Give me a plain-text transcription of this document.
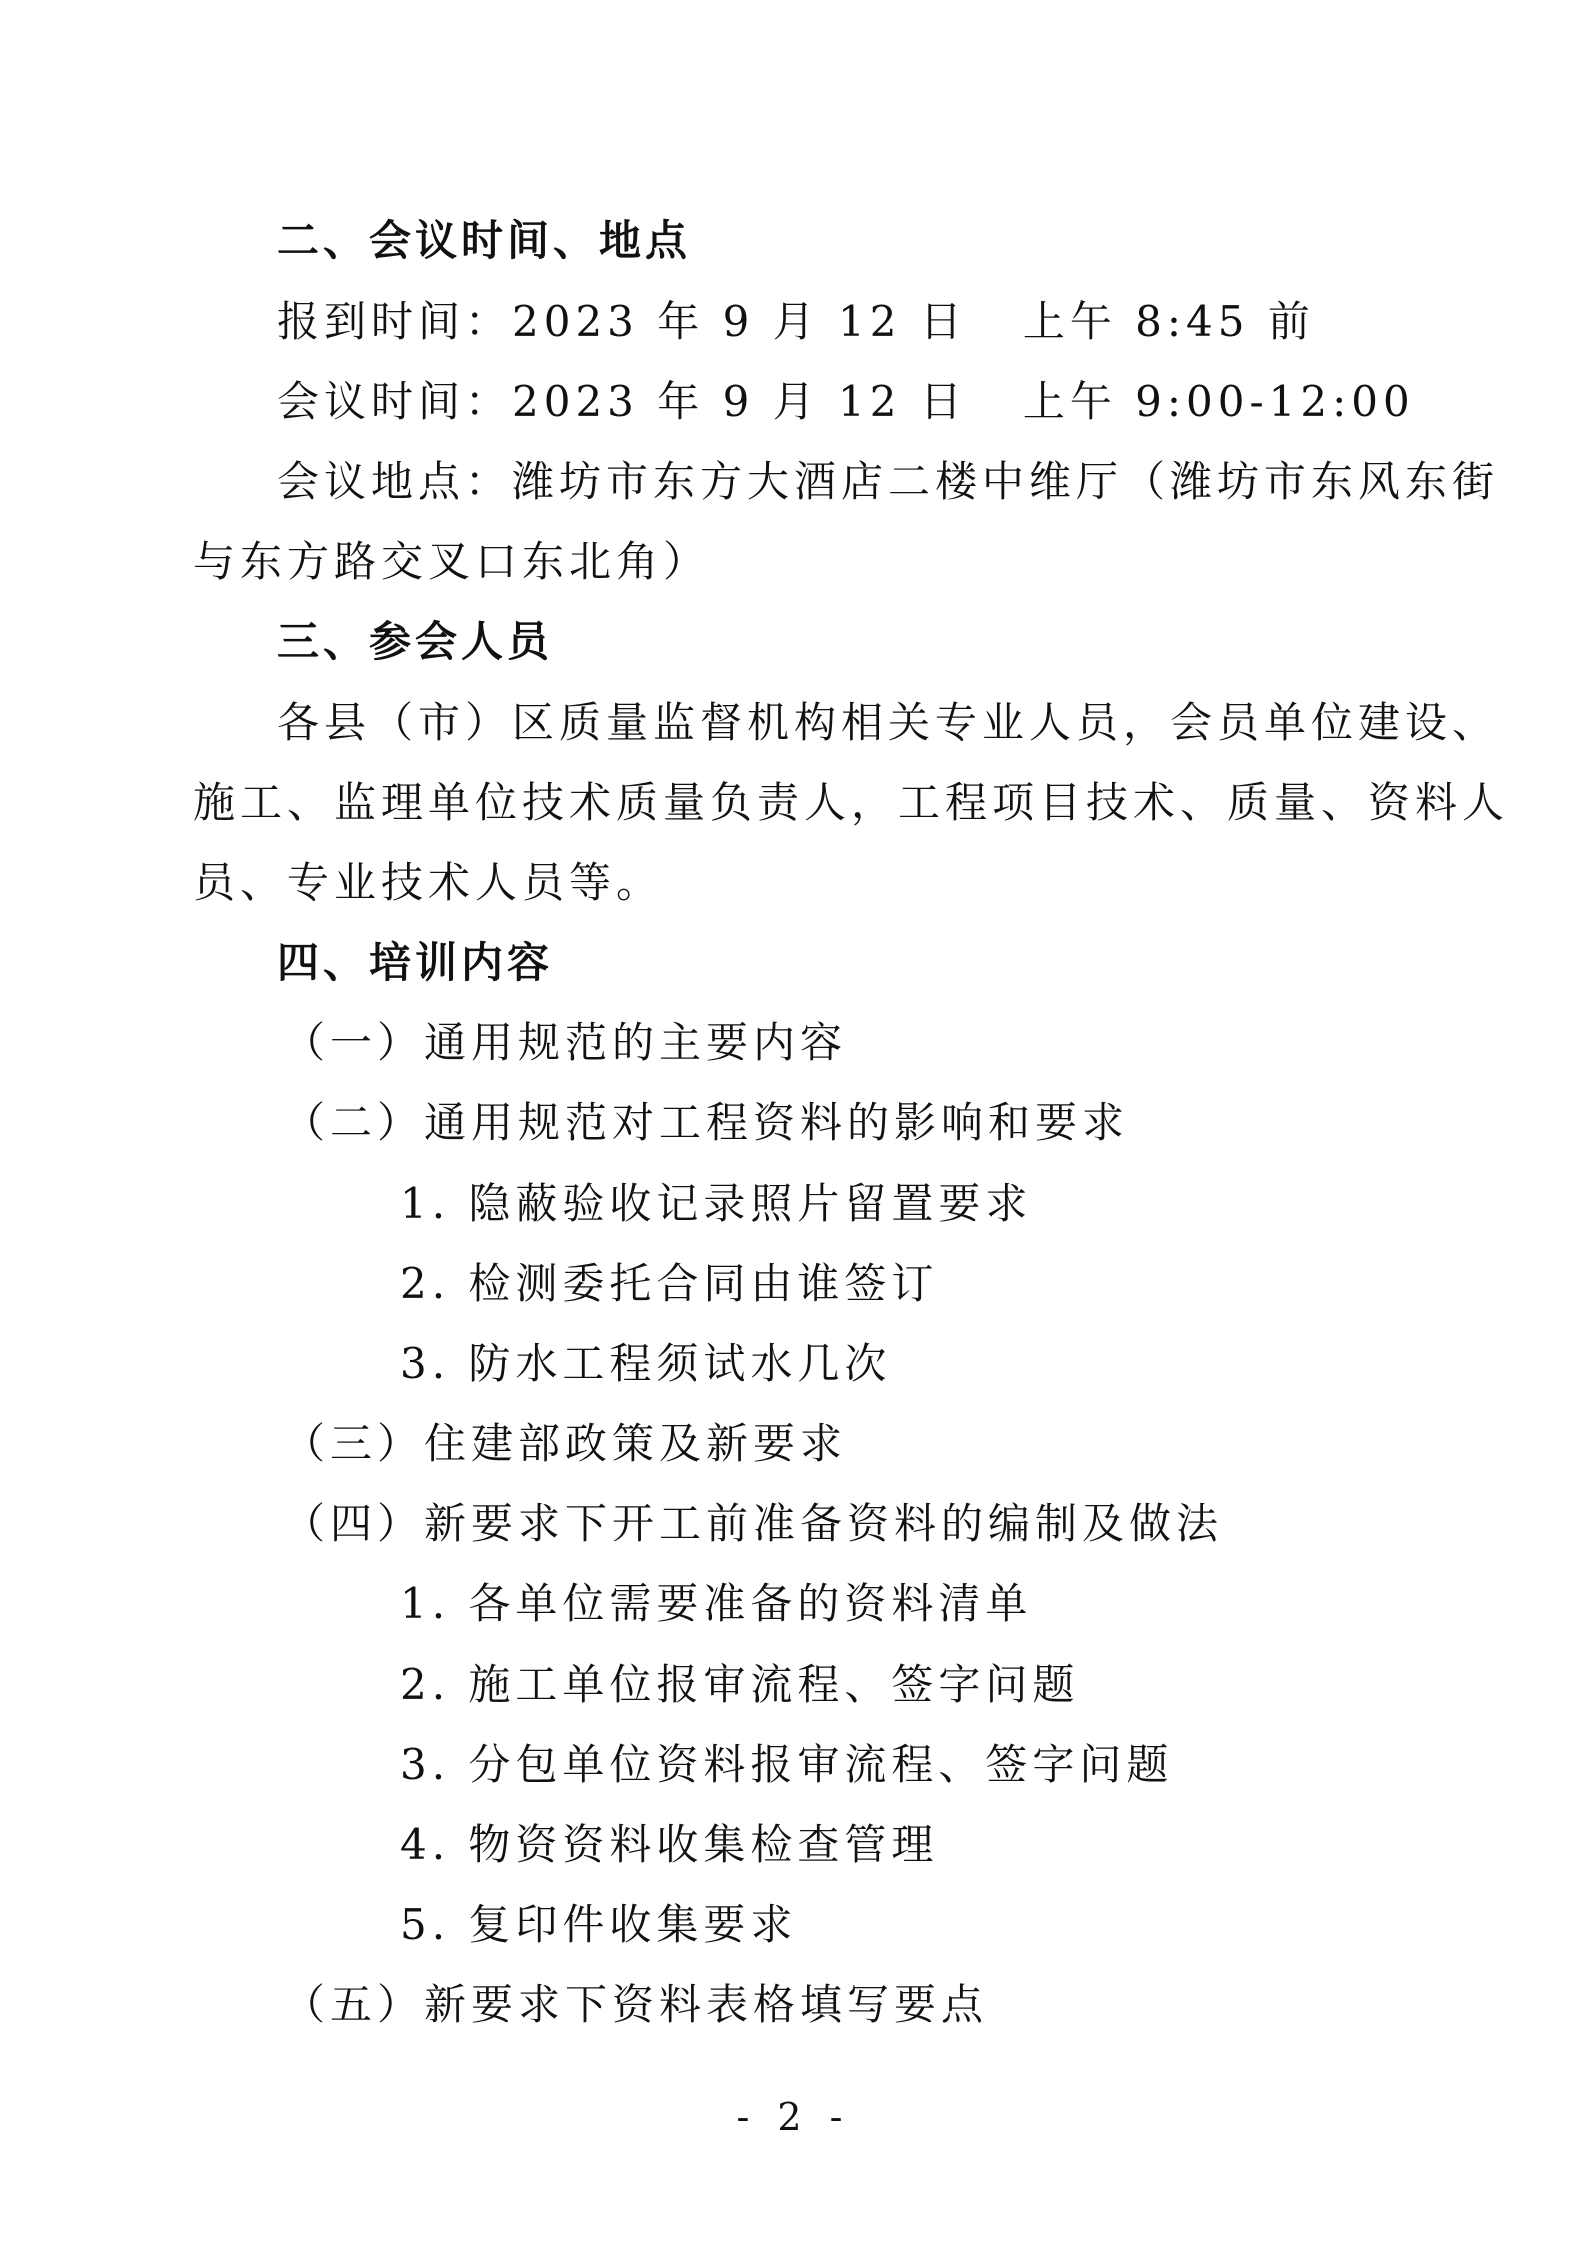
二、会议时间、地点
报到时间：2023 年 9 月 12 日 上午 8:45 前
会议时间：2023 年 9 月 12 日 上午 9:00-12:00
会议地点：潍坊市东方大酒店二楼中维厅（潍坊市东风东街
与东方路交叉口东北角）
三、参会人员
各县（市）区质量监督机构相关专业人员，会员单位建设、
施工、监理单位技术质量负责人，工程项目技术、质量、资料人
员、专业技术人员等。
四、培训内容
（一）通用规范的主要内容
（二）通用规范对工程资料的影响和要求
1. 隐蔽验收记录照片留置要求
2. 检测委托合同由谁签订
3. 防水工程须试水几次
（三）住建部政策及新要求
（四）新要求下开工前准备资料的编制及做法
1. 各单位需要准备的资料清单
2. 施工单位报审流程、签字问题
3. 分包单位资料报审流程、签字问题
4. 物资资料收集检查管理
5. 复印件收集要求
（五）新要求下资料表格填写要点
- 2 -
